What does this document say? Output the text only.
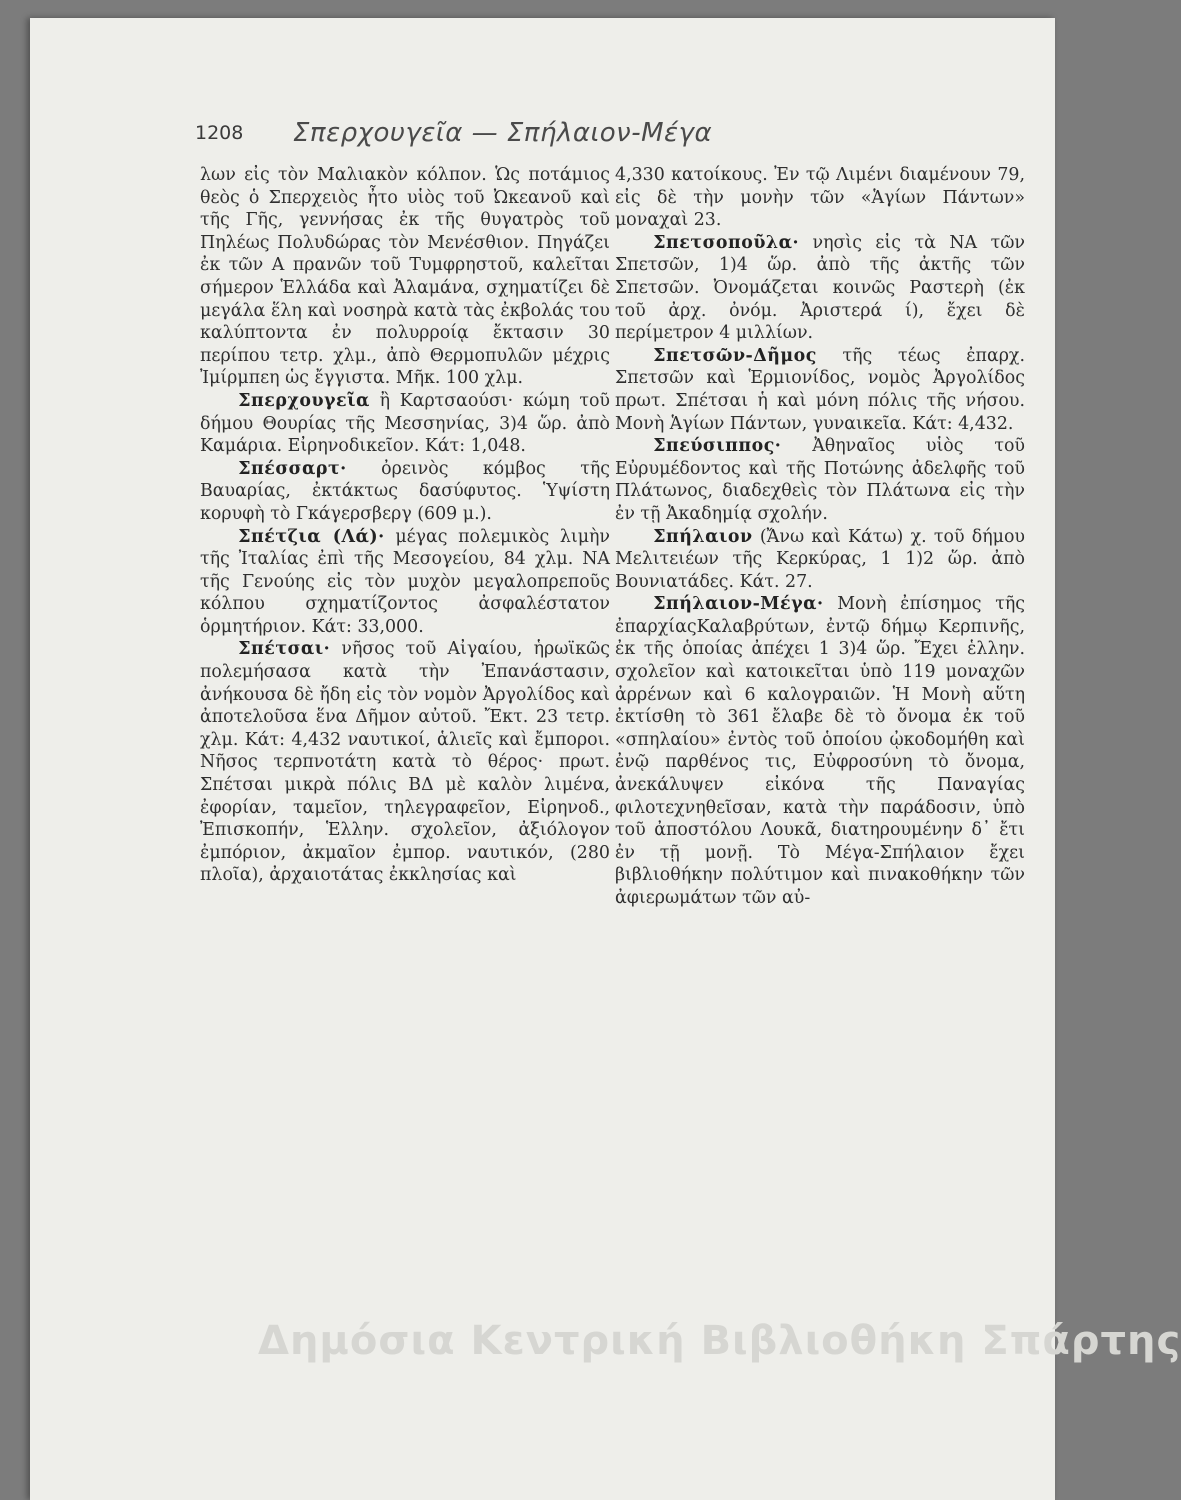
1208 Σπερχουγεῖα — Σπήλαιον-Μέγα

λων εἰς τὸν Μαλιακὸν κόλπον. Ὡς ποτάμιος θεὸς ὁ Σπερχειὸς ἦτο υἱὸς τοῦ Ὠκεανοῦ καὶ τῆς Γῆς, γεννήσας ἐκ τῆς θυγατρὸς τοῦ Πηλέως Πολυδώρας τὸν Μενέσθιον. Πηγάζει ἐκ τῶν Α πρανῶν τοῦ Τυμφρηστοῦ, καλεῖται σήμερον Ἑλλάδα καὶ Ἀλαμάνα, σχηματίζει δὲ μεγάλα ἕλη καὶ νοσηρὰ κατὰ τὰς ἐκβολάς του καλύπτοντα ἐν πολυρροίᾳ ἔκτασιν 30 περίπου τετρ. χλμ., ἀπὸ Θερμοπυλῶν μέχρις Ἰμίρμπεη ὡς ἔγγιστα. Μῆκ. 100 χλμ.

Σπερχουγεῖα ἢ Καρτσαούσι· κώμη τοῦ δήμου Θουρίας τῆς Μεσσηνίας, 3)4 ὥρ. ἀπὸ Καμάρια. Εἰρηνοδικεῖον. Κάτ: 1,048.

Σπέσσαρτ· ὀρεινὸς κόμβος τῆς Βαυαρίας, ἐκτάκτως δασύφυτος. Ὑψίστη κορυφὴ τὸ Γκάγερσβεργ (609 μ.).

Σπέτζια (Λά)· μέγας πολεμικὸς λιμὴν τῆς Ἰταλίας ἐπὶ τῆς Μεσογείου, 84 χλμ. ΝΑ τῆς Γενούης εἰς τὸν μυχὸν μεγαλοπρεποῦς κόλπου σχηματίζοντος ἀσφαλέστατον ὁρμητήριον. Κάτ: 33,000.

Σπέτσαι· νῆσος τοῦ Αἰγαίου, ἡρωϊκῶς πολεμήσασα κατὰ τὴν Ἐπανάστασιν, ἀνήκουσα δὲ ἤδη εἰς τὸν νομὸν Ἀργολίδος καὶ ἀποτελοῦσα ἕνα Δῆμον αὐτοῦ. Ἔκτ. 23 τετρ. χλμ. Κάτ: 4,432 ναυτικοί, ἁλιεῖς καὶ ἔμποροι. Νῆσος τερπνοτάτη κατὰ τὸ θέρος· πρωτ. Σπέτσαι μικρὰ πόλις ΒΔ μὲ καλὸν λιμένα, ἐφορίαν, ταμεῖον, τηλεγραφεῖον, Εἰρηνοδ., Ἐπισκοπήν, Ἑλλην. σχολεῖον, ἀξιόλογον ἐμπόριον, ἀκμαῖον ἐμπορ. ναυτικόν, (280 πλοῖα), ἀρχαιοτάτας ἐκκλησίας καὶ

4,330 κατοίκους. Ἐν τῷ Λιμένι διαμένουν 79, εἰς δὲ τὴν μονὴν τῶν «Ἁγίων Πάντων» μοναχαὶ 23.

Σπετσοποῦλα· νησὶς εἰς τὰ ΝΑ τῶν Σπετσῶν, 1)4 ὥρ. ἀπὸ τῆς ἀκτῆς τῶν Σπετσῶν. Ὀνομάζεται κοινῶς Ραστερὴ (ἐκ τοῦ ἀρχ. ὀνόμ. Ἀριστερά ί), ἔχει δὲ περίμετρον 4 μιλλίων.

Σπετσῶν-Δῆμος τῆς τέως ἐπαρχ. Σπετσῶν καὶ Ἑρμιονίδος, νομὸς Ἀργολίδος πρωτ. Σπέτσαι ἡ καὶ μόνη πόλις τῆς νήσου. Μονὴ Ἁγίων Πάντων, γυναικεῖα. Κάτ: 4,432.

Σπεύσιππος· Ἀθηναῖος υἱὸς τοῦ Εὐρυμέδοντος καὶ τῆς Ποτώνης ἀδελφῆς τοῦ Πλάτωνος, διαδεχθεὶς τὸν Πλάτωνα εἰς τὴν ἐν τῇ Ἀκαδημίᾳ σχολήν.

Σπήλαιον (Ἄνω καὶ Κάτω) χ. τοῦ δήμου Μελιτειέων τῆς Κερκύρας, 1 1)2 ὥρ. ἀπὸ Βουνιατάδες. Κάτ. 27.

Σπήλαιον-Μέγα· Μονὴ ἐπίσημος τῆς ἐπαρχίαςΚαλαβρύτων, ἐντῷ δήμῳ Κερπινῆς, ἐκ τῆς ὁποίας ἀπέχει 1 3)4 ὥρ. Ἔχει ἑλλην. σχολεῖον καὶ κατοικεῖται ὑπὸ 119 μοναχῶν ἀρρένων καὶ 6 καλογραιῶν. Ἡ Μονὴ αὕτη ἐκτίσθη τὸ 361 ἔλαβε δὲ τὸ ὄνομα ἐκ τοῦ «σπηλαίου» ἐντὸς τοῦ ὁποίου ᾠκοδομήθη καὶ ἐνῷ παρθένος τις, Εὐφροσύνη τὸ ὄνομα, ἀνεκάλυψεν εἰκόνα τῆς Παναγίας φιλοτεχνηθεῖσαν, κατὰ τὴν παράδοσιν, ὑπὸ τοῦ ἀποστόλου Λουκᾶ, διατηρουμένην δ᾽ ἔτι ἐν τῇ μονῇ. Τὸ Μέγα-Σπήλαιον ἔχει βιβλιοθήκην πολύτιμον καὶ πινακοθήκην τῶν ἀφιερωμάτων τῶν αὐ-

Δημόσια Κεντρική Βιβλιοθήκη Σπάρτης
